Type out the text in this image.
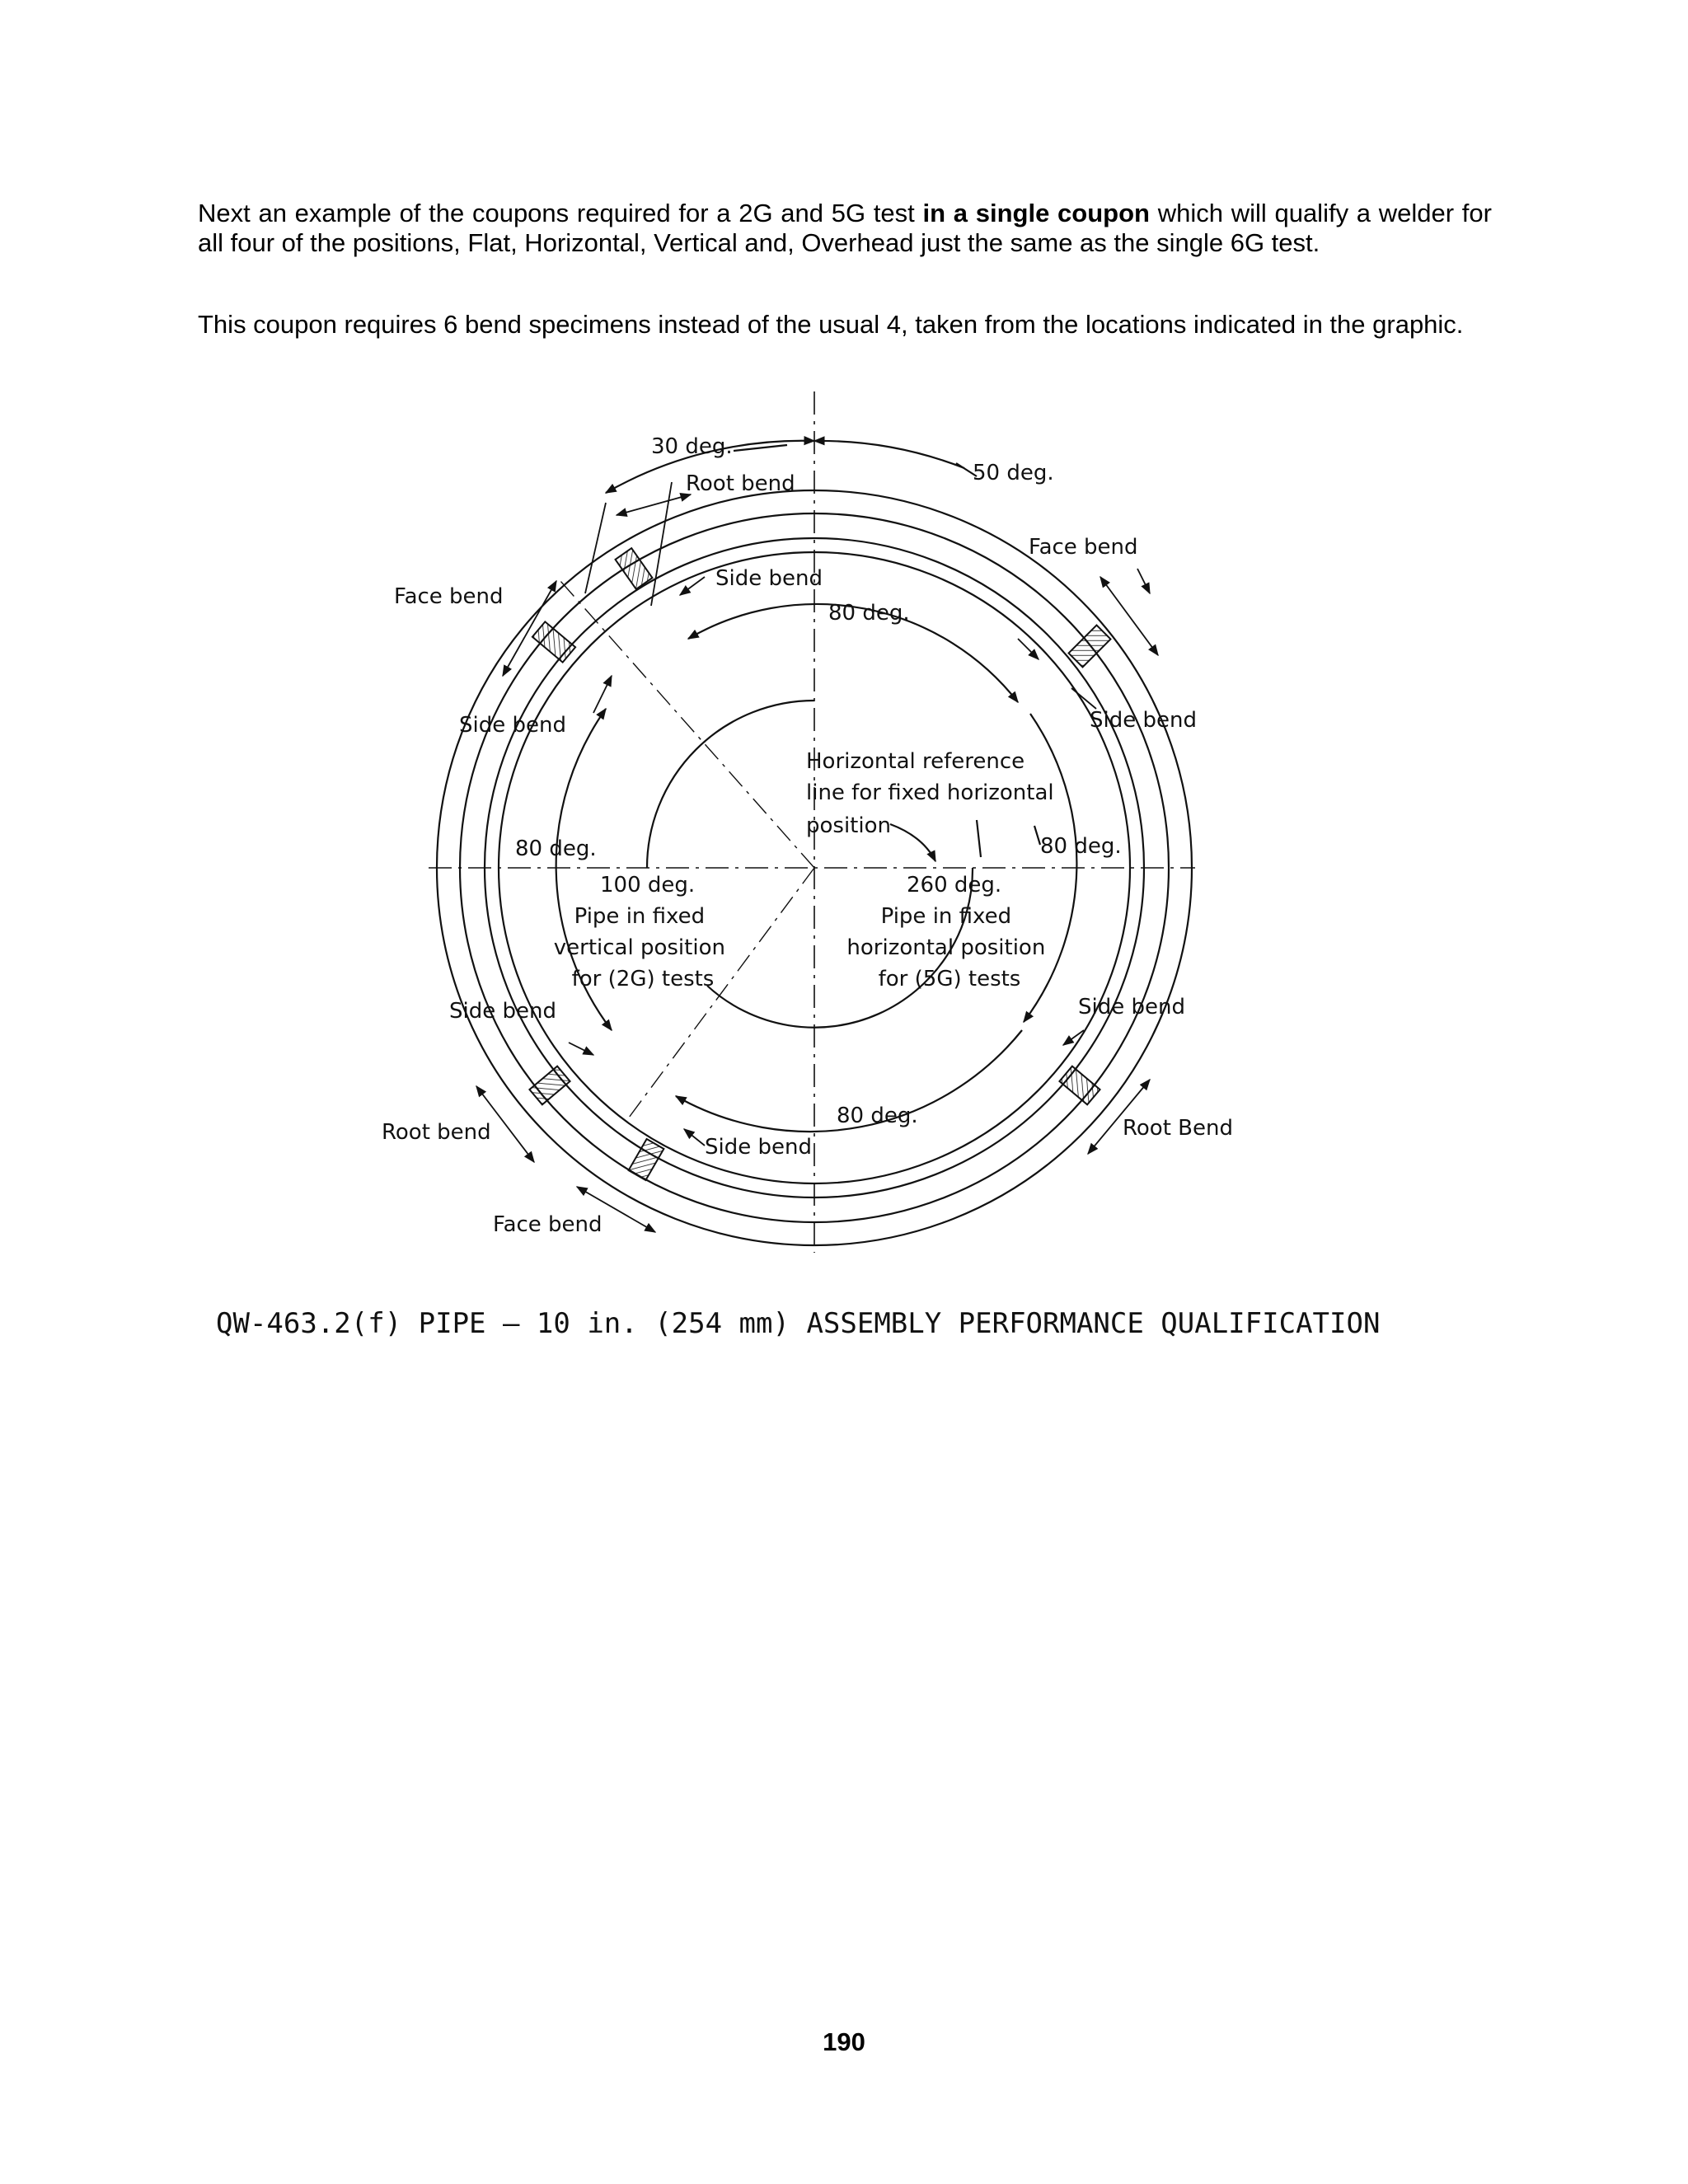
Next an example of the coupons required for a 2G and 5G test in a single coupon which will qualify a welder for all four of the positions, Flat, Horizontal, Vertical and, Overhead just the same as the single 6G test.

This coupon requires 6 bend specimens instead of the usual 4, taken from the locations indicated in the graphic.

30 deg.
50 deg.
Root bend
Face bend
Face bend
Side bend
80 deg.
Side bend	Side bend
80 deg.	80 deg.
100 deg.	260 deg.
Horizontal reference line for fixed horizontal position
Pipe in fixed vertical position for (2G) tests
Pipe in fixed horizontal position for (5G) tests
Side bend	Side bend
Root bend
80 deg.
Side bend
Root Bend
Face bend

QW-463.2(f) PIPE — 10 in. (254 mm) ASSEMBLY PERFORMANCE QUALIFICATION

190
